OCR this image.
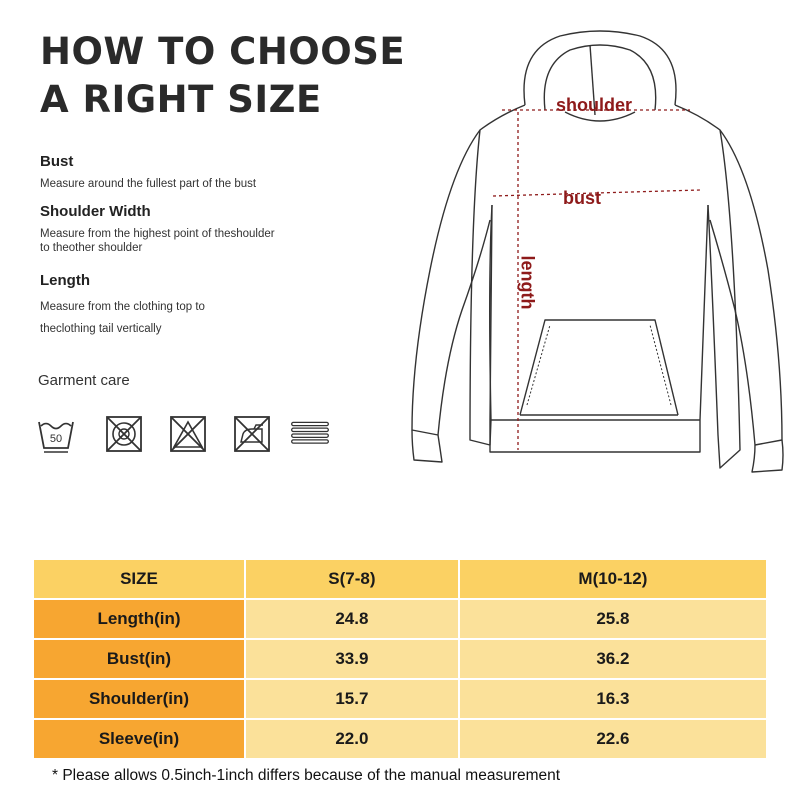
HOW TO CHOOSE
A RIGHT SIZE
Bust
Measure around the fullest part of the bust
Shoulder Width
Measure from the highest point of theshoulder
to theother shoulder
Length
Measure from the clothing top to
theclothing tail vertically
Garment care
50
shoulder
bust
length
SIZE	S(7-8)	M(10-12)
Length(in)	24.8	25.8
Bust(in)	33.9	36.2
Shoulder(in)	15.7	16.3
Sleeve(in)	22.0	22.6
* Please allows 0.5inch-1inch differs because of the manual measurement
